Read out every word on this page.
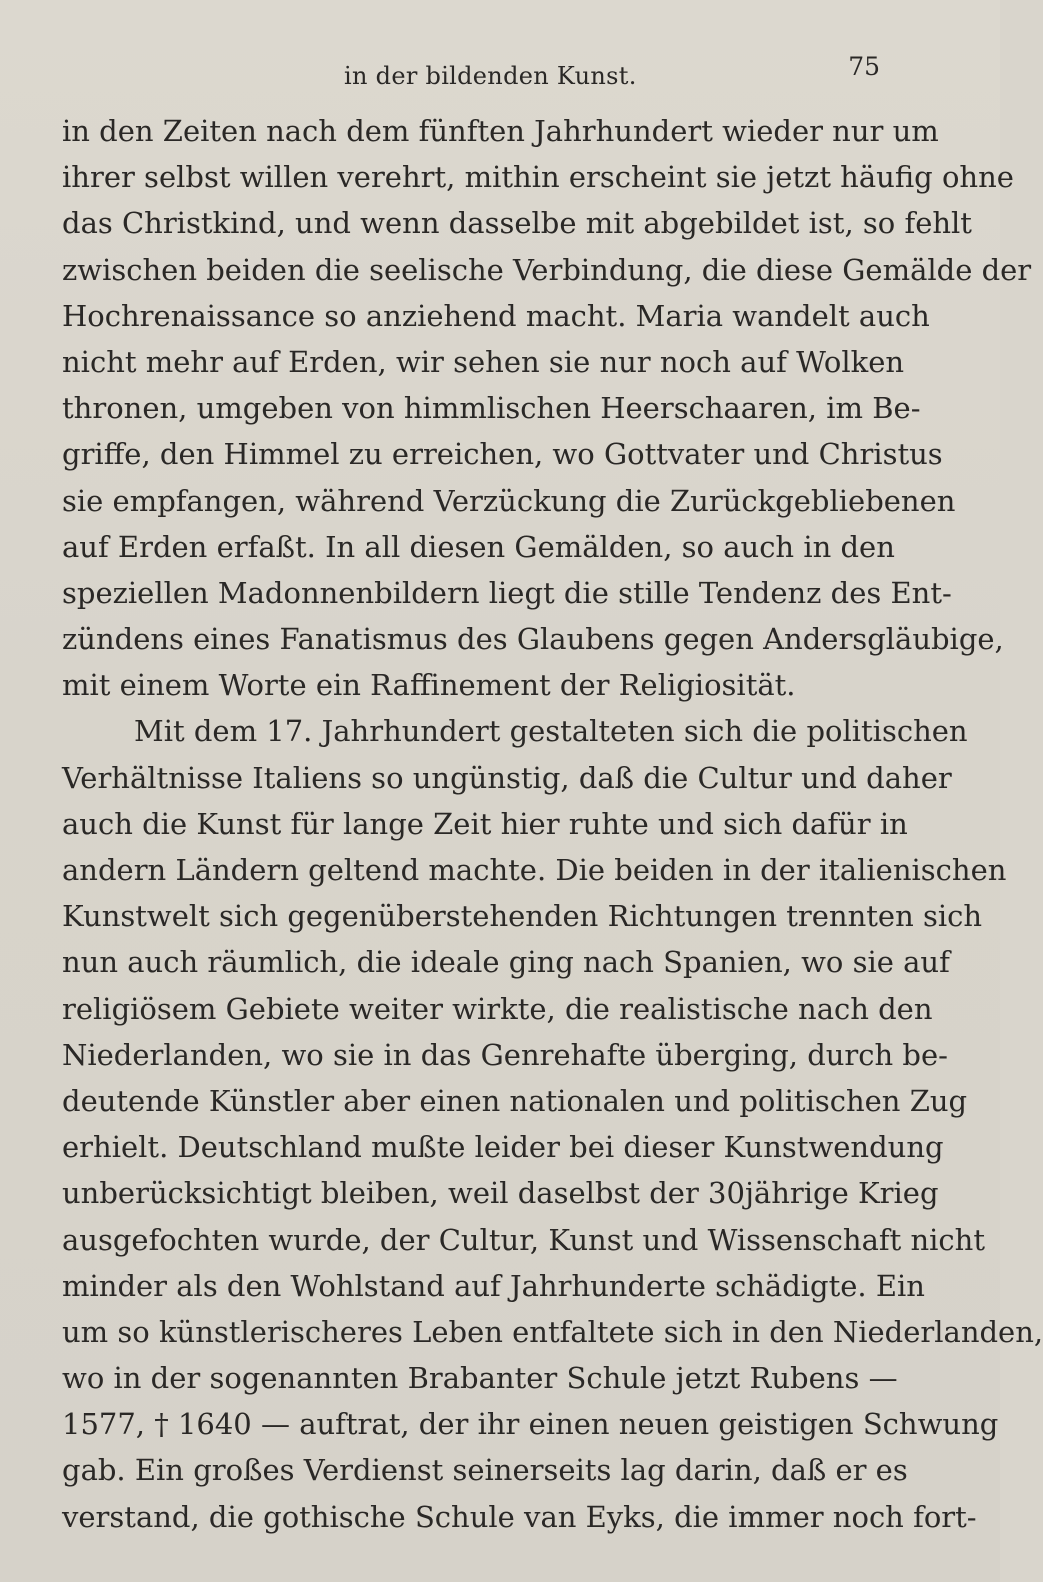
in der bildenden Kunst.	75
in den Zeiten nach dem fünften Jahrhundert wieder nur um
ihrer selbst willen verehrt, mithin erscheint sie jetzt häufig ohne
das Christkind, und wenn dasselbe mit abgebildet ist, so fehlt
zwischen beiden die seelische Verbindung, die diese Gemälde der
Hochrenaissance so anziehend macht. Maria wandelt auch
nicht mehr auf Erden, wir sehen sie nur noch auf Wolken
thronen, umgeben von himmlischen Heerschaaren, im Be-
griffe, den Himmel zu erreichen, wo Gottvater und Christus
sie empfangen, während Verzückung die Zurückgebliebenen
auf Erden erfaßt. In all diesen Gemälden, so auch in den
speziellen Madonnenbildern liegt die stille Tendenz des Ent-
zündens eines Fanatismus des Glaubens gegen Andersgläubige,
mit einem Worte ein Raffinement der Religiosität.
Mit dem 17. Jahrhundert gestalteten sich die politischen
Verhältnisse Italiens so ungünstig, daß die Cultur und daher
auch die Kunst für lange Zeit hier ruhte und sich dafür in
andern Ländern geltend machte. Die beiden in der italienischen
Kunstwelt sich gegenüberstehenden Richtungen trennten sich
nun auch räumlich, die ideale ging nach Spanien, wo sie auf
religiösem Gebiete weiter wirkte, die realistische nach den
Niederlanden, wo sie in das Genrehafte überging, durch be-
deutende Künstler aber einen nationalen und politischen Zug
erhielt. Deutschland mußte leider bei dieser Kunstwendung
unberücksichtigt bleiben, weil daselbst der 30jährige Krieg
ausgefochten wurde, der Cultur, Kunst und Wissenschaft nicht
minder als den Wohlstand auf Jahrhunderte schädigte. Ein
um so künstlerischeres Leben entfaltete sich in den Niederlanden,
wo in der sogenannten Brabanter Schule jetzt Rubens —
1577, † 1640 — auftrat, der ihr einen neuen geistigen Schwung
gab. Ein großes Verdienst seinerseits lag darin, daß er es
verstand, die gothische Schule van Eyks, die immer noch fort-
